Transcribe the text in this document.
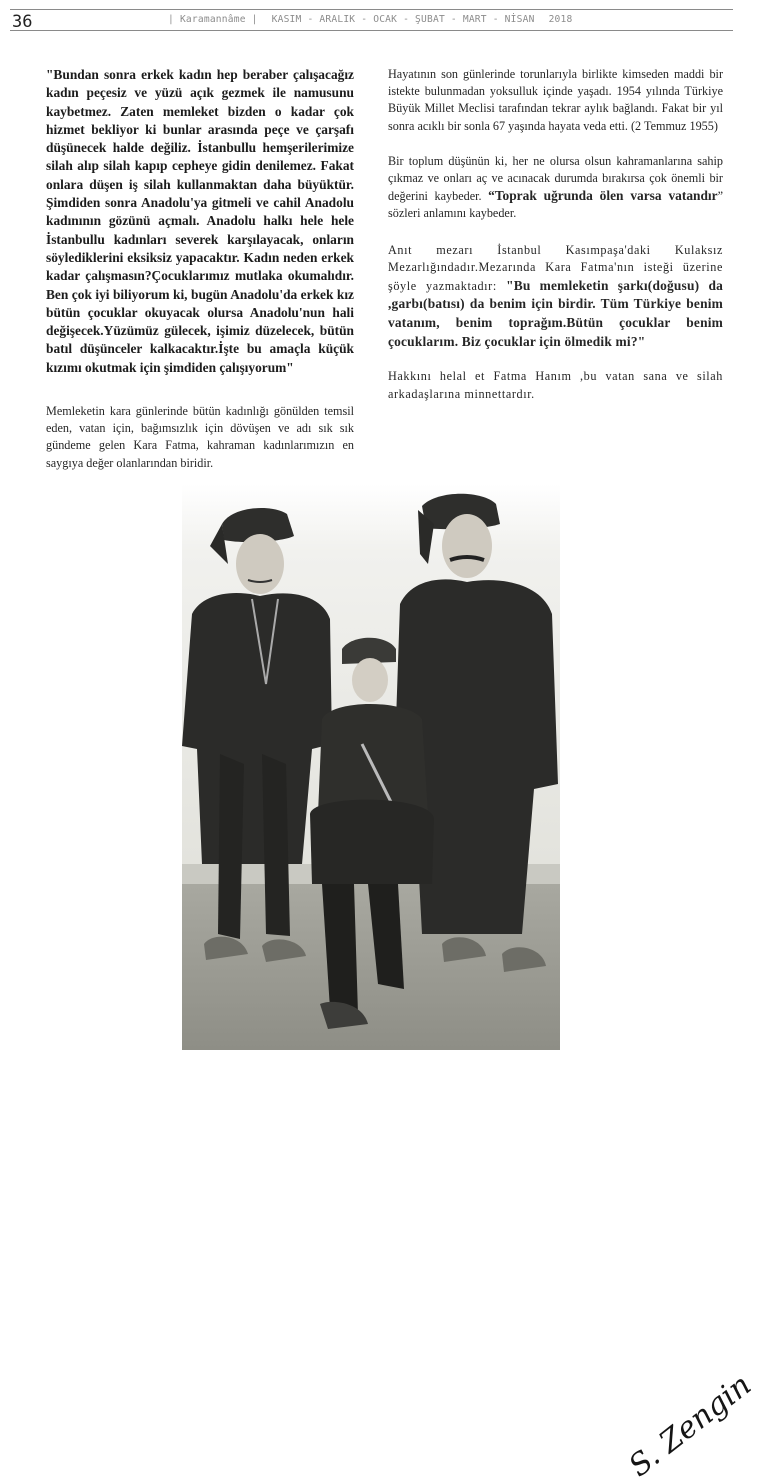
36	| Karamannâme | KASIM - ARALIK - OCAK - ŞUBAT - MART - NİSAN 2018

"Bundan sonra erkek kadın hep beraber çalışacağız kadın peçesiz ve yüzü açık gezmek ile namusunu kaybetmez. Zaten memleket bizden o kadar çok hizmet bekliyor ki bunlar arasında peçe ve çarşafı düşünecek halde değiliz. İstanbullu hemşerilerimize silah alıp silah kapıp cepheye gidin denilemez. Fakat onlara düşen iş silah kullanmaktan daha büyüktür. Şimdiden sonra Anadolu'ya gitmeli ve cahil Anadolu kadınının gözünü açmalı. Anadolu halkı hele hele İstanbullu kadınları severek karşılayacak, onların söylediklerini eksiksiz yapacaktır. Kadın neden erkek kadar çalışmasın?Çocuklarımız mutlaka okumalıdır. Ben çok iyi biliyorum ki, bugün Anadolu'da erkek kız bütün çocuklar okuyacak olursa Anadolu'nun hali değişecek.Yüzümüz gülecek, işimiz düzelecek, bütün batıl düşünceler kalkacaktır.İşte bu amaçla küçük kızımı okutmak için şimdiden çalışıyorum"

Memleketin kara günlerinde bütün kadınlığı gönülden temsil eden, vatan için, bağımsızlık için dövüşen ve adı sık sık gündeme gelen Kara Fatma, kahraman kadınlarımızın en saygıya değer olanlarından biridir.

Hayatının son günlerinde torunlarıyla birlikte kimseden maddi bir istekte bulunmadan yoksulluk içinde yaşadı. 1954 yılında Türkiye Büyük Millet Meclisi tarafından tekrar aylık bağlandı. Fakat bir yıl sonra acıklı bir sonla 67 yaşında hayata veda etti. (2 Temmuz 1955)

Bir toplum düşünün ki, her ne olursa olsun kahramanlarına sahip çıkmaz ve onları aç ve acınacak durumda bırakırsa çok önemli bir değerini kaybeder. “Toprak uğrunda ölen varsa vatandır” sözleri anlamını kaybeder.

Anıt mezarı İstanbul Kasımpaşa'daki Kulaksız Mezarlığındadır.Mezarında Kara Fatma'nın isteği üzerine şöyle yazmaktadır: "Bu memleketin şarkı(doğusu) da ,garbı(batısı) da benim için birdir. Tüm Türkiye benim vatanım, benim toprağım.Bütün çocuklar benim çocuklarım. Biz çocuklar için ölmedik mi?"

Hakkını helal et Fatma Hanım ,bu vatan sana ve silah arkadaşlarına minnettardır.

S. Zengin
